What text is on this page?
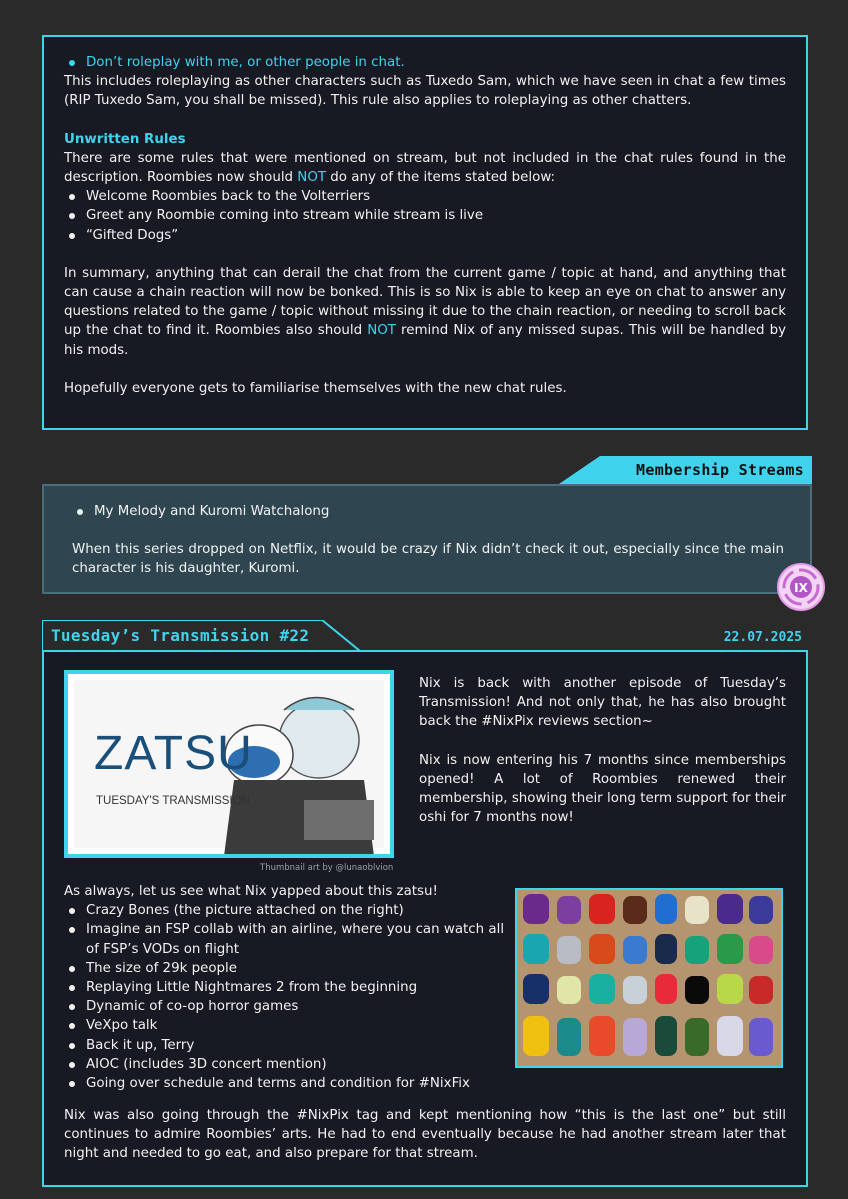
Don’t roleplay with me, or other people in chat.

This includes roleplaying as other characters such as Tuxedo Sam, which we have seen in chat a few times (RIP Tuxedo Sam, you shall be missed). This rule also applies to roleplaying as other chatters.

Unwritten Rules

There are some rules that were mentioned on stream, but not included in the chat rules found in the description. Roombies now should NOT do any of the items stated below:

Welcome Roombies back to the Volterriers
Greet any Roombie coming into stream while stream is live
“Gifted Dogs”

In summary, anything that can derail the chat from the current game / topic at hand, and anything that can cause a chain reaction will now be bonked. This is so Nix is able to keep an eye on chat to answer any questions related to the game / topic without missing it due to the chain reaction, or needing to scroll back up the chat to find it. Roombies also should NOT remind Nix of any missed supas. This will be handled by his mods.

Hopefully everyone gets to familiarise themselves with the new chat rules.

Membership Streams
My Melody and Kuromi Watchalong

When this series dropped on Netflix, it would be crazy if Nix didn’t check it out, especially since the main character is his daughter, Kuromi.

IX
Tuesday’s Transmission #22	22.07.2025
ZATSU
TUESDAY'S TRANSMISSION
Thumbnail art by @lunaoblvion

Nix is back with another episode of Tuesday’s Transmission! And not only that, he has also brought back the #NixPix reviews section~

Nix is now entering his 7 months since memberships opened! A lot of Roombies renewed their membership, showing their long term support for their oshi for 7 months now!

As always, let us see what Nix yapped about this zatsu!

Crazy Bones (the picture attached on the right)
Imagine an FSP collab with an airline, where you can watch all of FSP’s VODs on flight
The size of 29k people
Replaying Little Nightmares 2 from the beginning
Dynamic of co-op horror games
VeXpo talk
Back it up, Terry
AIOC (includes 3D concert mention)
Going over schedule and terms and condition for #NixFix
Nix was also going through the #NixPix tag and kept mentioning how “this is the last one” but still continues to admire Roombies’ arts. He had to end eventually because he had another stream later that night and needed to go eat, and also prepare for that stream.
